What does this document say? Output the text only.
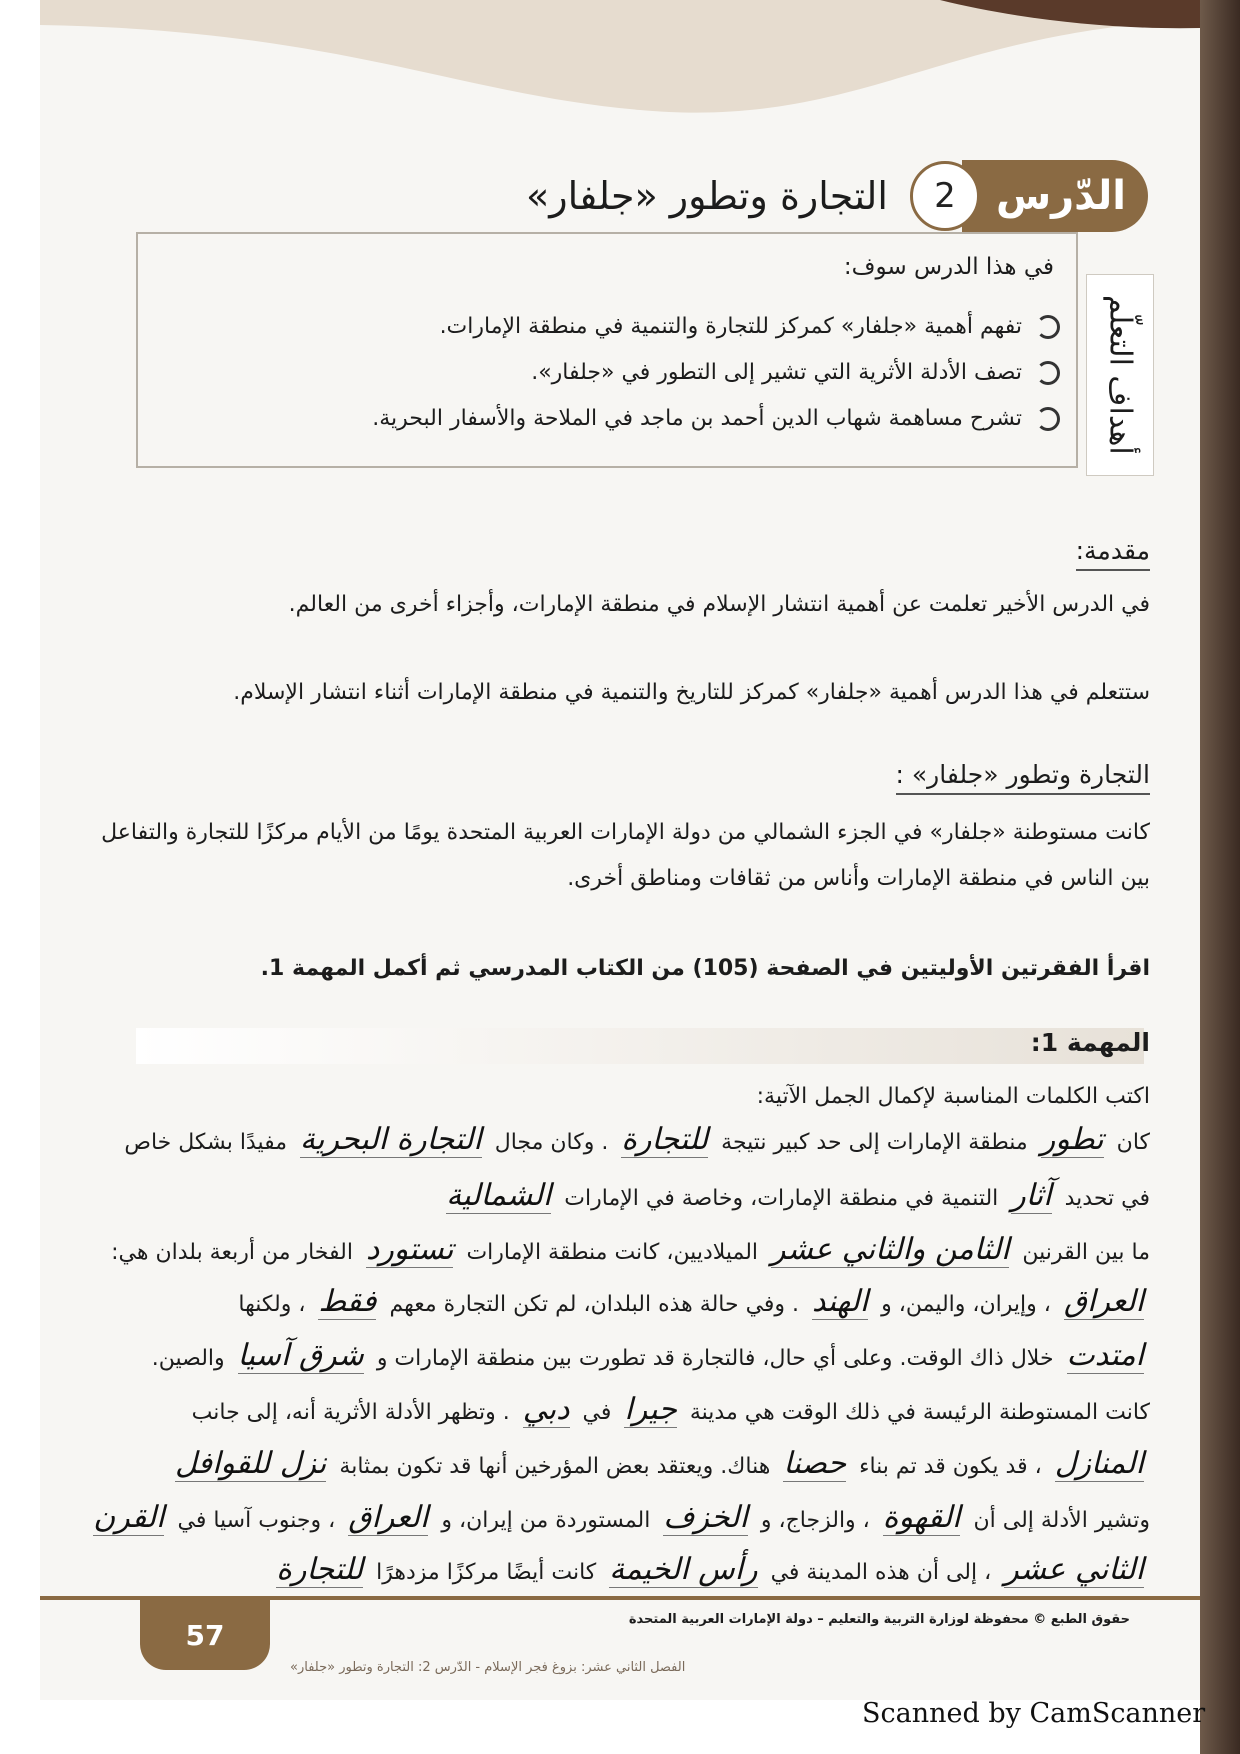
الدّرس
2
التجارة وتطور «جلفار»
أهداف التعلّم
في هذا الدرس سوف:
تفهم أهمية «جلفار» كمركز للتجارة والتنمية في منطقة الإمارات.
تصف الأدلة الأثرية التي تشير إلى التطور في «جلفار».
تشرح مساهمة شهاب الدين أحمد بن ماجد في الملاحة والأسفار البحرية.
مقدمة:
في الدرس الأخير تعلمت عن أهمية انتشار الإسلام في منطقة الإمارات، وأجزاء أخرى من العالم.
ستتعلم في هذا الدرس أهمية «جلفار» كمركز للتاريخ والتنمية في منطقة الإمارات أثناء انتشار الإسلام.
التجارة وتطور «جلفار» :
كانت مستوطنة «جلفار» في الجزء الشمالي من دولة الإمارات العربية المتحدة يومًا من الأيام مركزًا للتجارة والتفاعل
بين الناس في منطقة الإمارات وأناس من ثقافات ومناطق أخرى.
اقرأ الفقرتين الأوليتين في الصفحة (105) من الكتاب المدرسي ثم أكمل المهمة 1.
المهمة 1:
اكتب الكلمات المناسبة لإكمال الجمل الآتية:
كان تطور منطقة الإمارات إلى حد كبير نتيجة للتجارة . وكان مجال التجارة البحرية مفيدًا بشكل خاص
في تحديد آثار التنمية في منطقة الإمارات، وخاصة في الإمارات الشمالية
ما بين القرنين الثامن والثاني عشر الميلاديين، كانت منطقة الإمارات تستورد الفخار من أربعة بلدان هي:
العراق ، وإيران، واليمن، و الهند . وفي حالة هذه البلدان، لم تكن التجارة معهم فقط ، ولكنها
امتدت خلال ذاك الوقت. وعلى أي حال، فالتجارة قد تطورت بين منطقة الإمارات و شرق آسيا والصين.
كانت المستوطنة الرئيسة في ذلك الوقت هي مدينة جيرا في دبي . وتظهر الأدلة الأثرية أنه، إلى جانب
المنازل ، قد يكون قد تم بناء حصنا هناك. ويعتقد بعض المؤرخين أنها قد تكون بمثابة نزل للقوافل
وتشير الأدلة إلى أن القهوة ، والزجاج، و الخزف المستوردة من إيران، و العراق ، وجنوب آسيا في القرن
الثاني عشر ، إلى أن هذه المدينة في رأس الخيمة كانت أيضًا مركزًا مزدهرًا للتجارة
حقوق الطبع © محفوظة لوزارة التربية والتعليم – دولة الإمارات العربية المتحدة
57
الفصل الثاني عشر: بزوغ فجر الإسلام - الدّرس 2: التجارة وتطور «جلفار»
Scanned by CamScanner
